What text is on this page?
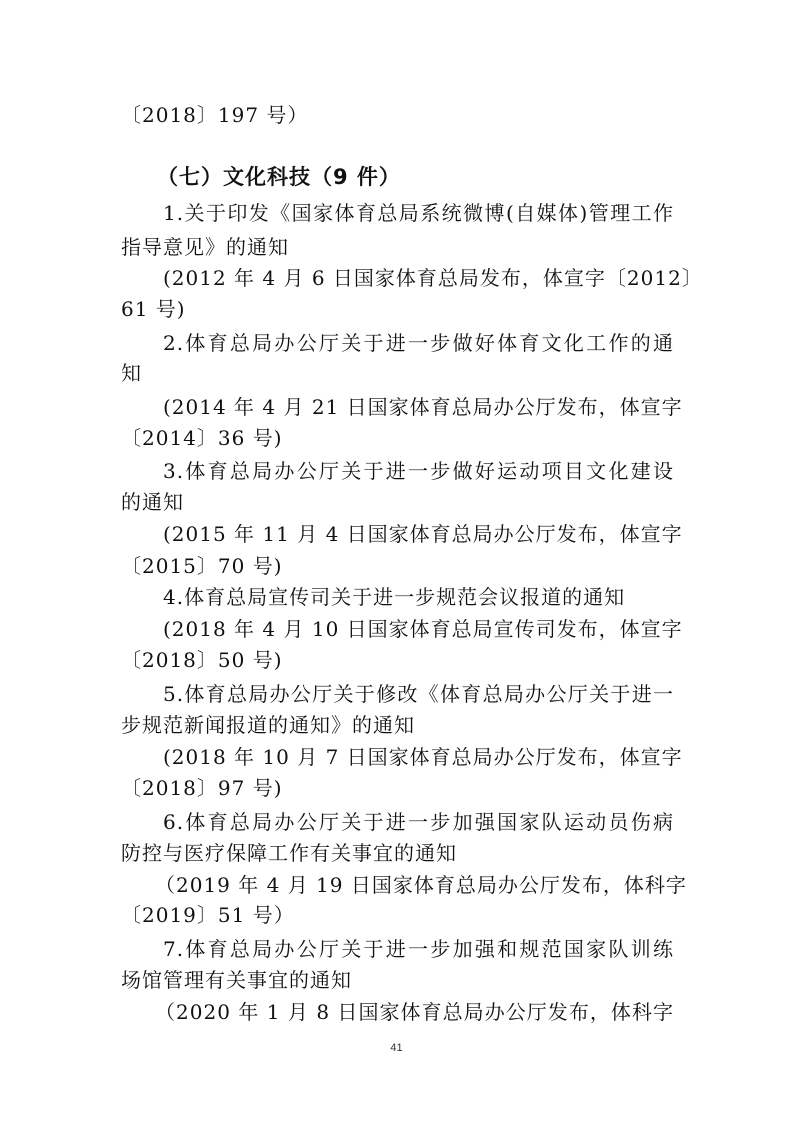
〔2018〕197 号）
（七）文化科技（9 件）
1.关于印发《国家体育总局系统微博(自媒体)管理工作
指导意见》的通知
(2012 年 4 月 6 日国家体育总局发布，体宣字〔2012〕
61 号)
2.体育总局办公厅关于进一步做好体育文化工作的通
知
(2014 年 4 月 21 日国家体育总局办公厅发布，体宣字
〔2014〕36 号)
3.体育总局办公厅关于进一步做好运动项目文化建设
的通知
(2015 年 11 月 4 日国家体育总局办公厅发布，体宣字
〔2015〕70 号)
4.体育总局宣传司关于进一步规范会议报道的通知
(2018 年 4 月 10 日国家体育总局宣传司发布，体宣字
〔2018〕50 号)
5.体育总局办公厅关于修改《体育总局办公厅关于进一
步规范新闻报道的通知》的通知
(2018 年 10 月 7 日国家体育总局办公厅发布，体宣字
〔2018〕97 号)
6.体育总局办公厅关于进一步加强国家队运动员伤病
防控与医疗保障工作有关事宜的通知
（2019 年 4 月 19 日国家体育总局办公厅发布，体科字
〔2019〕51 号）
7.体育总局办公厅关于进一步加强和规范国家队训练
场馆管理有关事宜的通知
（2020 年 1 月 8 日国家体育总局办公厅发布，体科字
41
